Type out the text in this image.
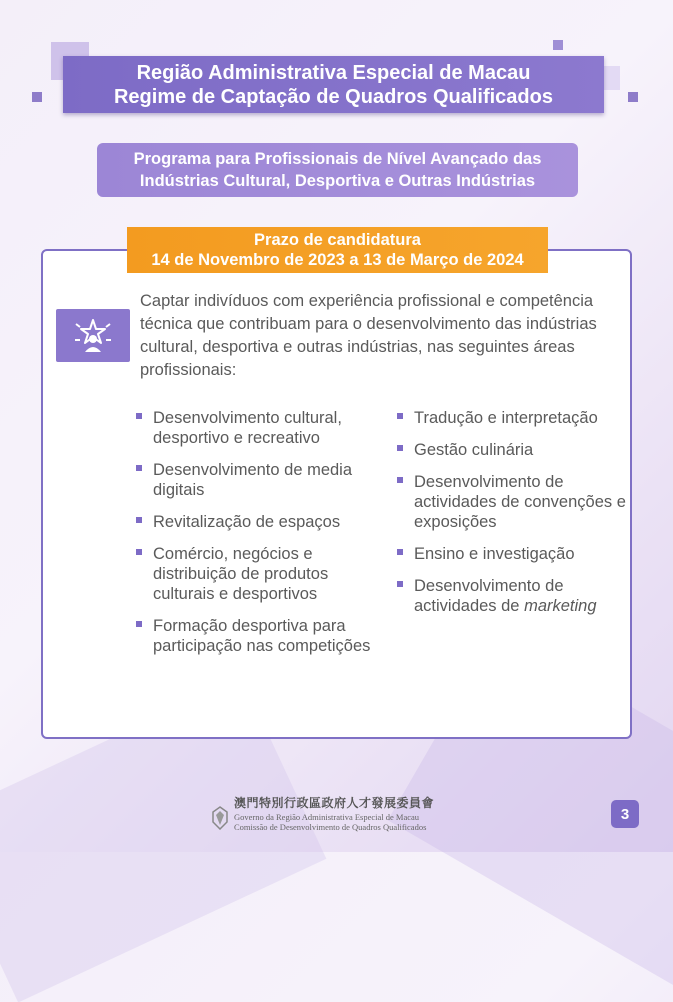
Região Administrativa Especial de Macau
Regime de Captação de Quadros Qualificados
Programa para Profissionais de Nível Avançado das
Indústrias Cultural, Desportiva e Outras Indústrias
Prazo de candidatura
14 de Novembro de 2023 a 13 de Março de 2024

Captar indivíduos com experiência profissional e competência técnica que contribuam para o desenvolvimento das indústrias cultural, desportiva e outras indústrias, nas seguintes áreas profissionais:

Desenvolvimento cultural, desportivo e recreativo
Desenvolvimento de media digitais
Revitalização de espaços
Comércio, negócios e distribuição de produtos culturais e desportivos
Formação desportiva para participação nas competições
Tradução e interpretação
Gestão culinária
Desenvolvimento de actividades de convenções e exposições
Ensino e investigação
Desenvolvimento de actividades de marketing
澳門特別行政區政府人才發展委員會
Governo da Região Administrativa Especial de Macau
Comissão de Desenvolvimento de Quadros Qualificados
3
